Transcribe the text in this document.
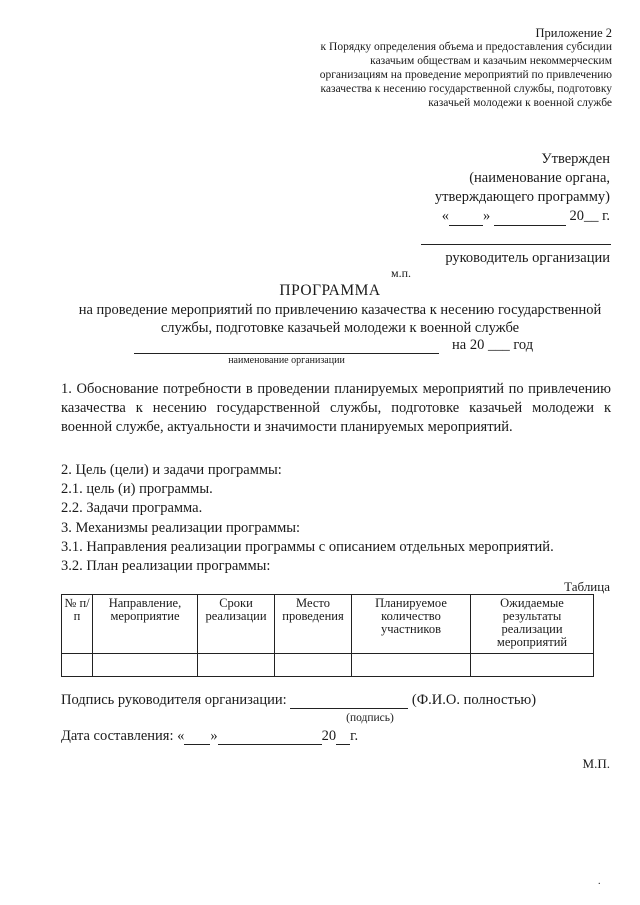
Приложение 2
к Порядку определения объема и предоставления субсидии
казачьим обществам и казачьим некоммерческим
организациям на проведение мероприятий по привлечению
казачества к несению государственной службы, подготовку
казачьей молодежи к военной службе
Утвержден
(наименование органа,
утверждающего программу)
« »	20__ г.
руководитель организации
м.п.
ПРОГРАММА
на проведение мероприятий по привлечению казачества к несению государственной службы, подготовке казачьей молодежи к военной службе
на 20 ___ год
наименование организации
1. Обоснование потребности в проведении планируемых мероприятий по привлечению казачества к несению государственной службы, подготовке казачьей молодежи к военной службе, актуальности и значимости планируемых мероприятий.
2. Цель (цели) и задачи программы:
2.1. цель (и) программы.
2.2. Задачи программа.
3. Механизмы реализации программы:
3.1. Направления реализации программы с описанием отдельных мероприятий.
3.2. План реализации программы:
Таблица
№ п/п	Направление, мероприятие	Сроки реализации	Место проведения	Планируемое количество участников	Ожидаемые результаты реализации мероприятий

Подпись руководителя организации:	(Ф.И.О. полностью)
(подпись)
Дата составления: « »	20 г.
М.П.
.
